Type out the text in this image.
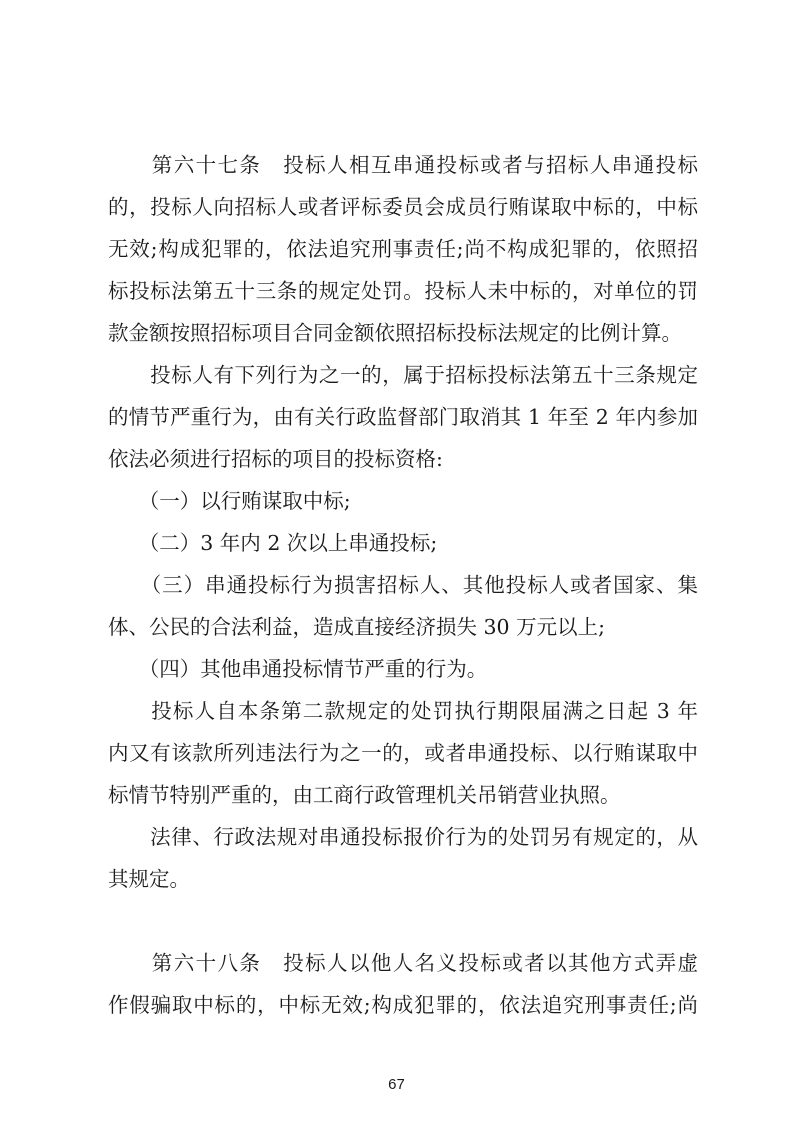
　　第六十七条　投标人相互串通投标或者与招标人串通投标
的，投标人向招标人或者评标委员会成员行贿谋取中标的，中标
无效;构成犯罪的，依法追究刑事责任;尚不构成犯罪的，依照招
标投标法第五十三条的规定处罚。投标人未中标的，对单位的罚
款金额按照招标项目合同金额依照招标投标法规定的比例计算。
　　投标人有下列行为之一的，属于招标投标法第五十三条规定
的情节严重行为，由有关行政监督部门取消其 1 年至 2 年内参加
依法必须进行招标的项目的投标资格:
　　（一）以行贿谋取中标;
　　（二）3 年内 2 次以上串通投标;
　　（三）串通投标行为损害招标人、其他投标人或者国家、集
体、公民的合法利益，造成直接经济损失 30 万元以上;
　　（四）其他串通投标情节严重的行为。
　　投标人自本条第二款规定的处罚执行期限届满之日起 3 年
内又有该款所列违法行为之一的，或者串通投标、以行贿谋取中
标情节特别严重的，由工商行政管理机关吊销营业执照。
　　法律、行政法规对串通投标报价行为的处罚另有规定的，从
其规定。
　　第六十八条　投标人以他人名义投标或者以其他方式弄虚
作假骗取中标的，中标无效;构成犯罪的，依法追究刑事责任;尚
67
